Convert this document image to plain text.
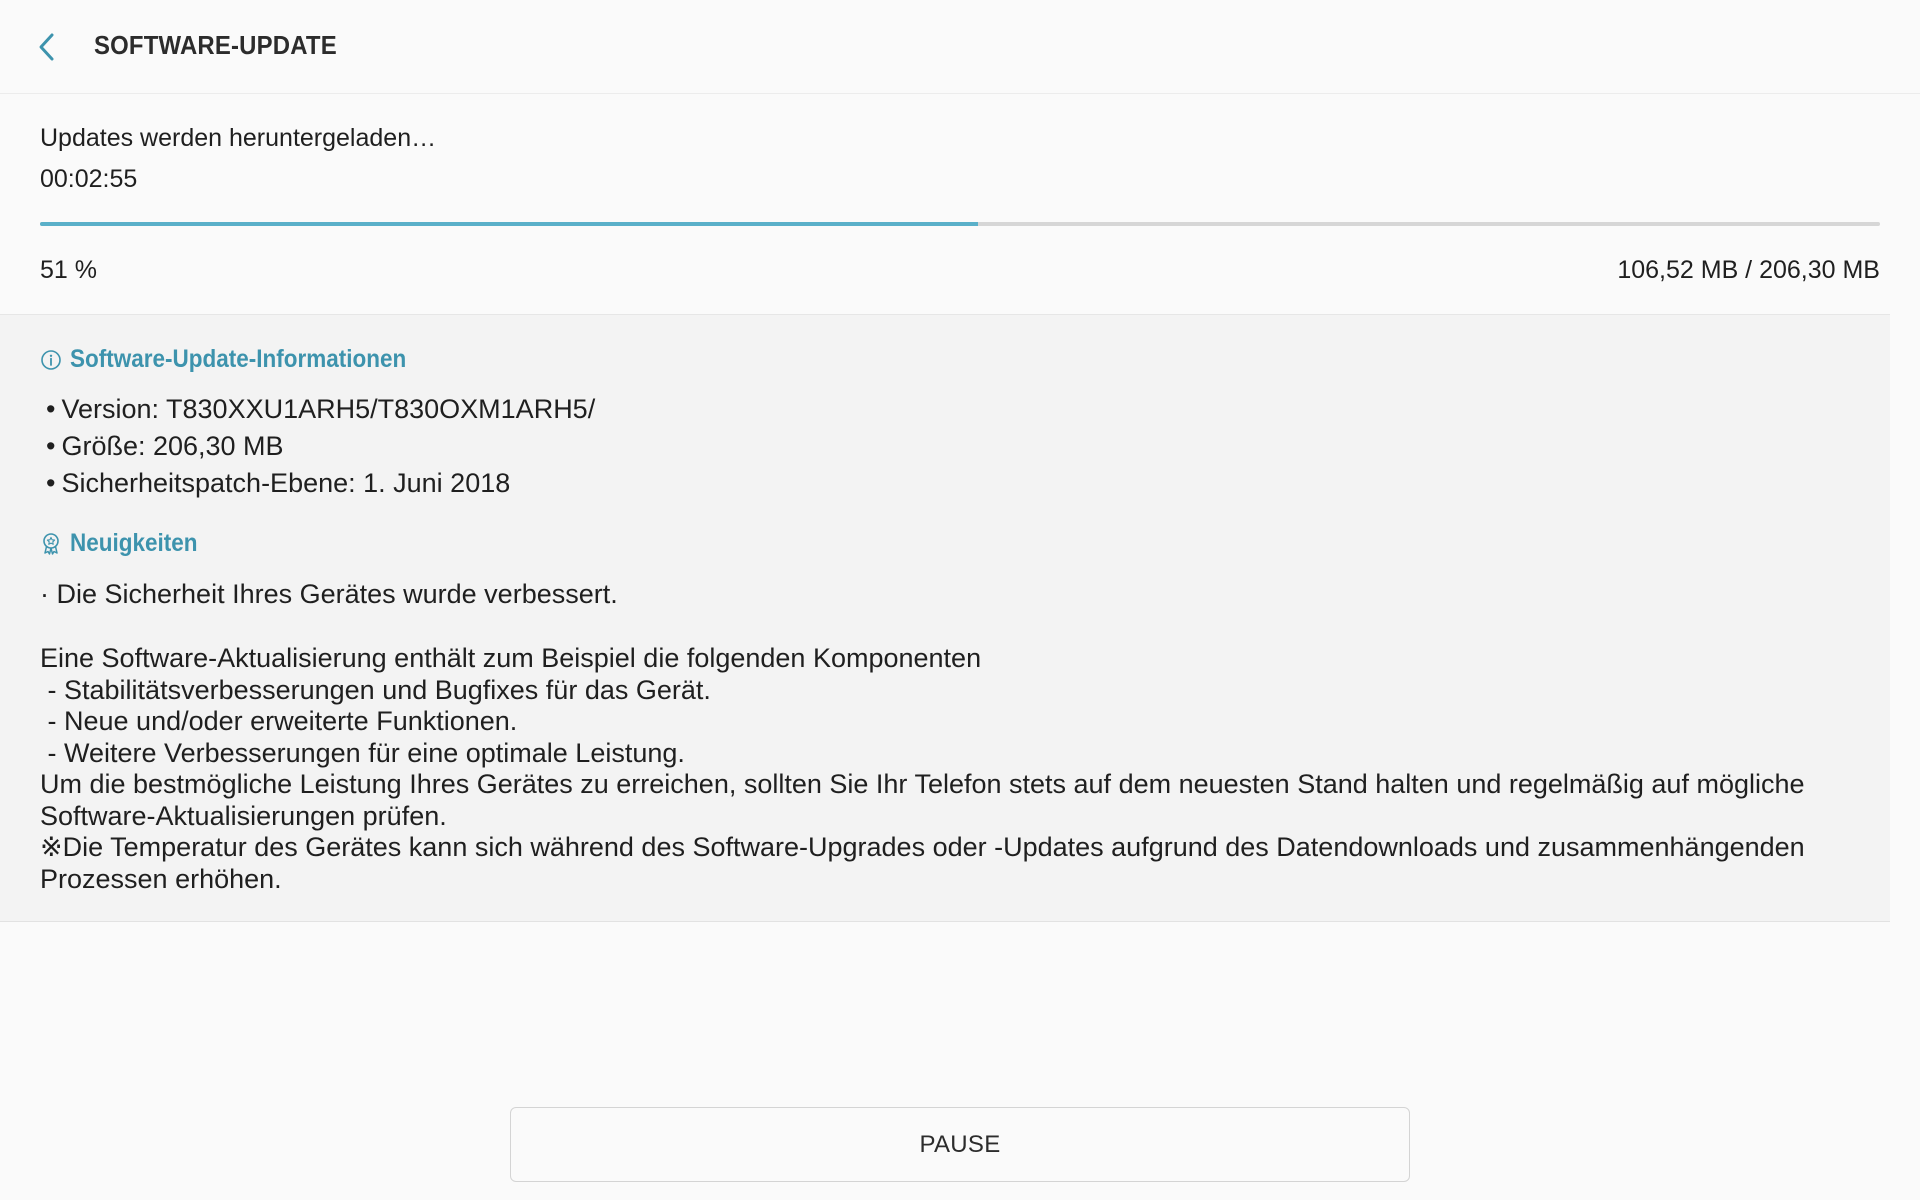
SOFTWARE-UPDATE
Updates werden heruntergeladen…
00:02:55
51 %	106,52 MB / 206,30 MB
Software-Update-Informationen
• Version: T830XXU1ARH5/T830OXM1ARH5/
• Größe: 206,30 MB
• Sicherheitspatch-Ebene: 1. Juni 2018
Neuigkeiten
· Die Sicherheit Ihres Gerätes wurde verbessert.
Eine Software-Aktualisierung enthält zum Beispiel die folgenden Komponenten
- Stabilitätsverbesserungen und Bugfixes für das Gerät.
- Neue und/oder erweiterte Funktionen.
- Weitere Verbesserungen für eine optimale Leistung.
Um die bestmögliche Leistung Ihres Gerätes zu erreichen, sollten Sie Ihr Telefon stets auf dem neuesten Stand halten und regelmäßig auf mögliche Software-Aktualisierungen prüfen.
※Die Temperatur des Gerätes kann sich während des Software-Upgrades oder -Updates aufgrund des Datendownloads und zusammenhängenden Prozessen erhöhen.
PAUSE
